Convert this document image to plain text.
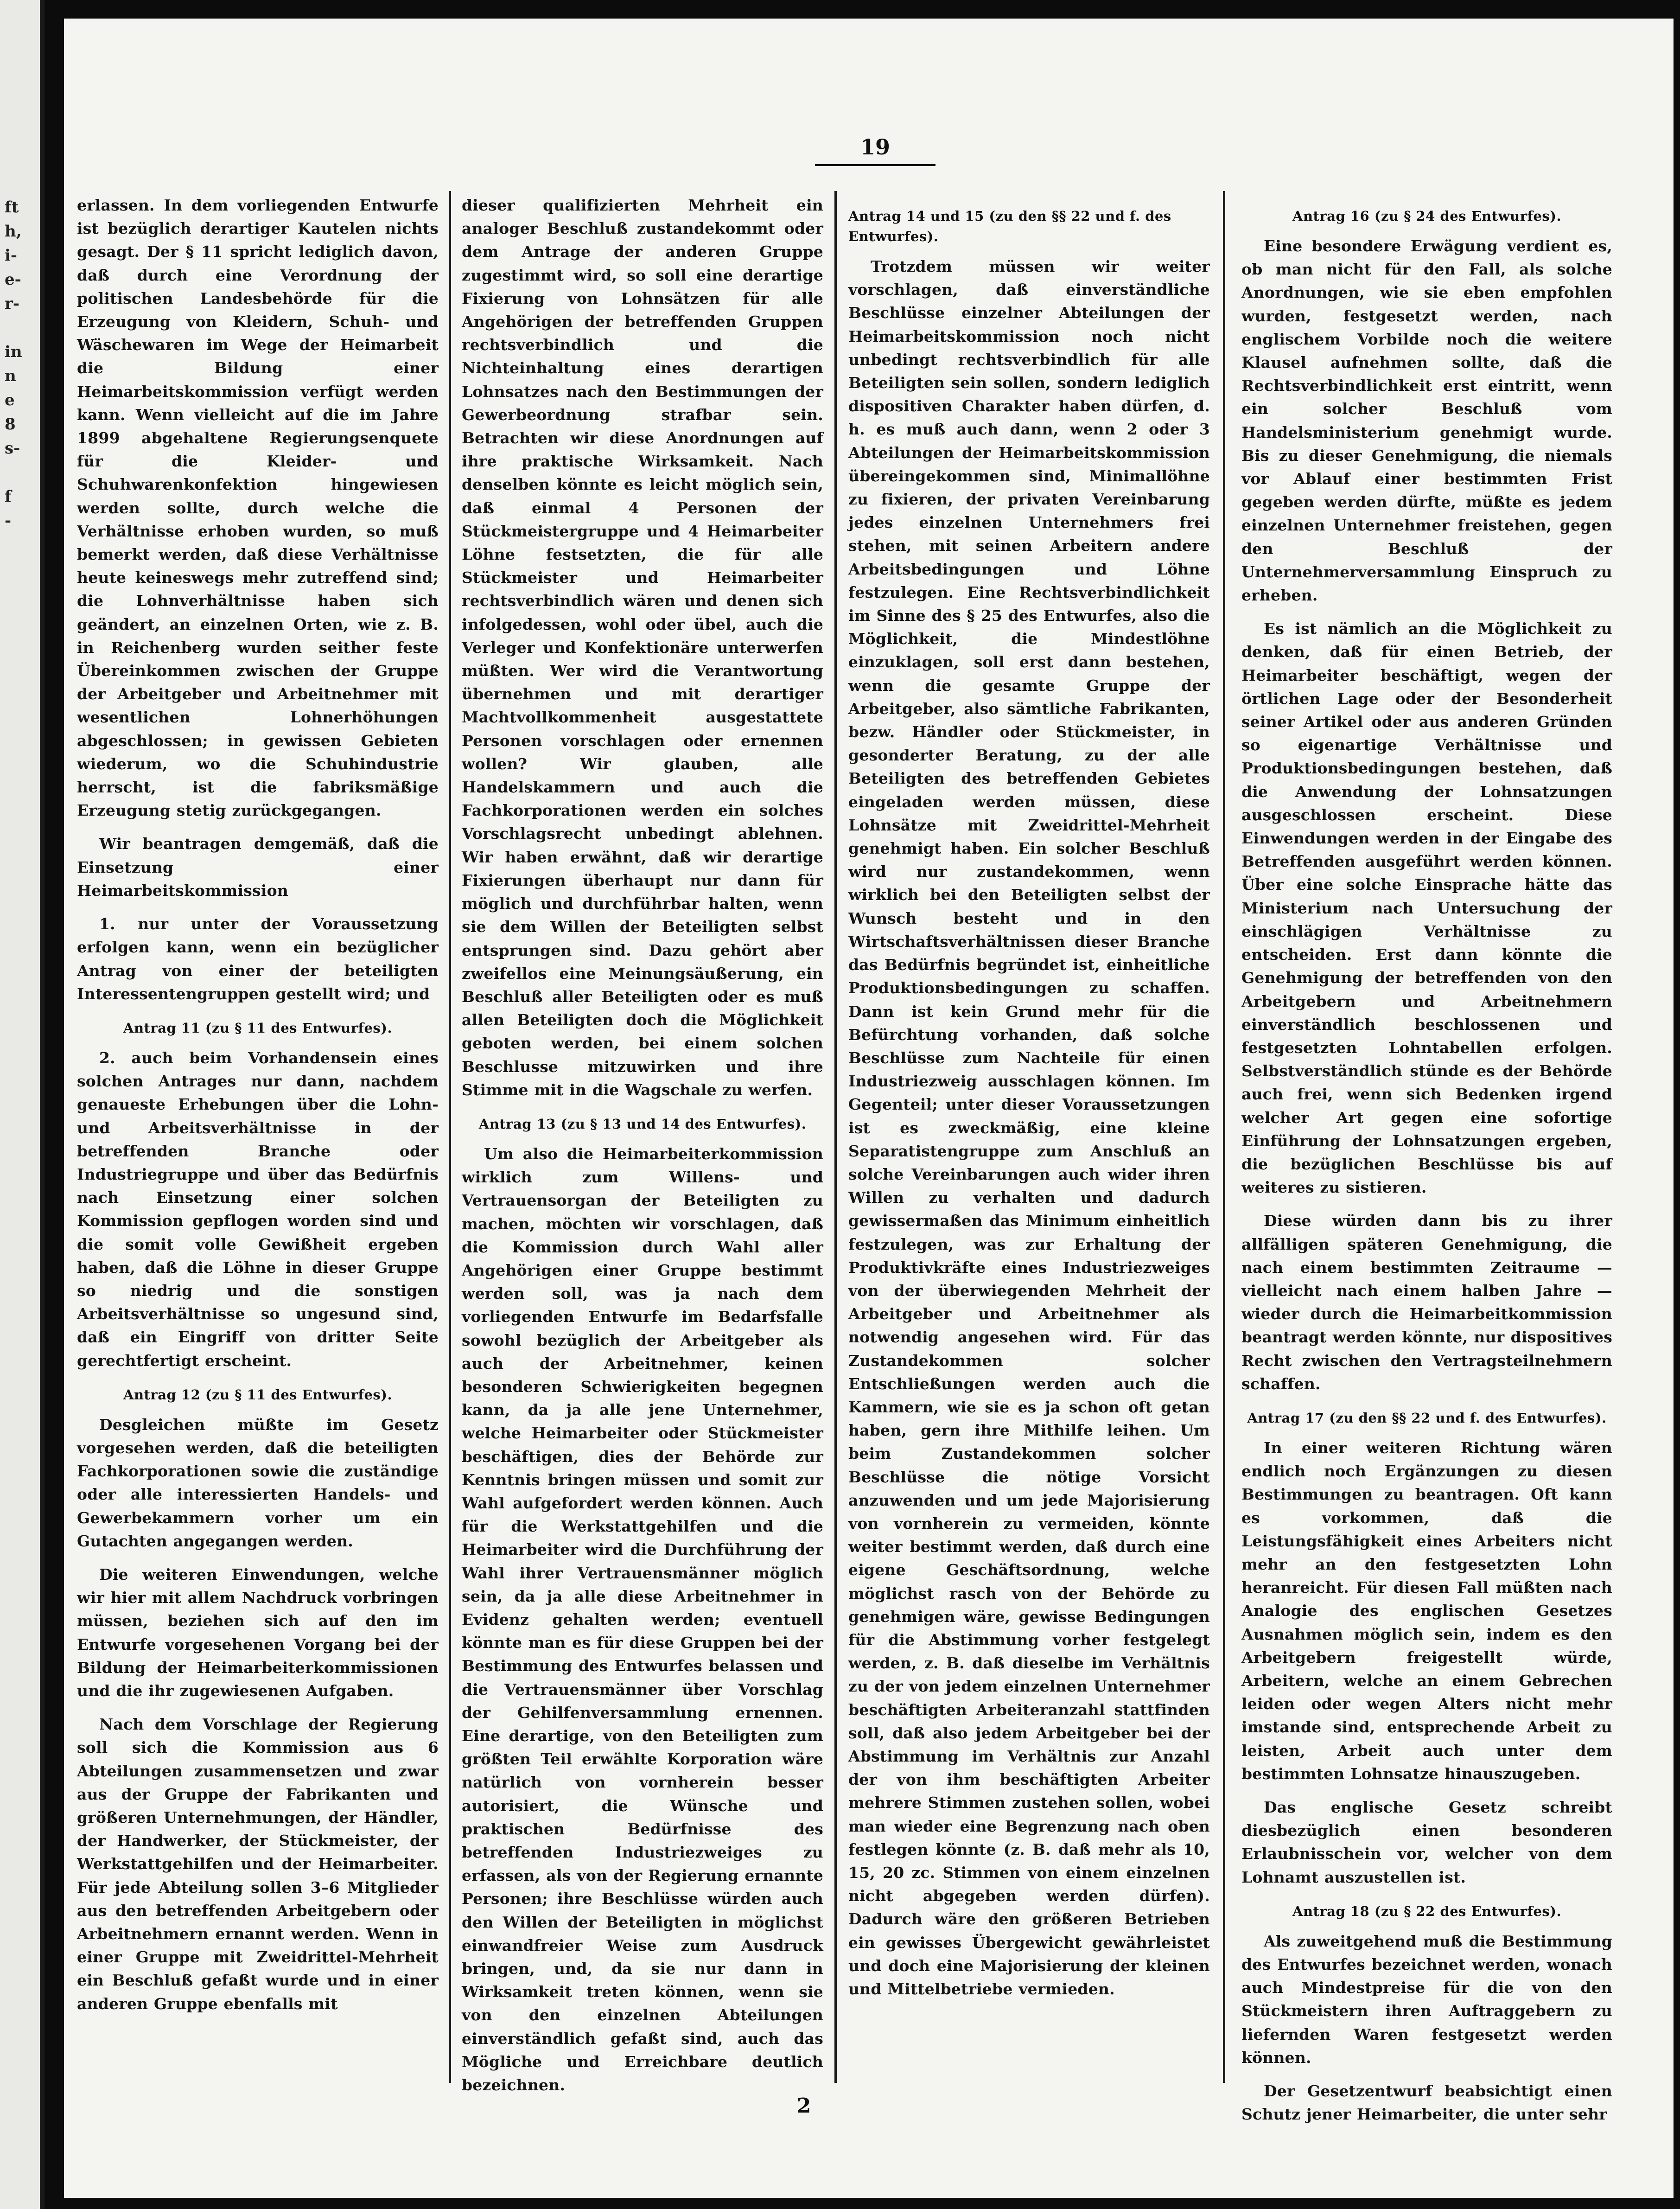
ft
h,
i-
e-
r-
in
n
e
8
s-
f
-
19
erlassen. In dem vorliegenden Entwurfe ist bezüglich derartiger Kautelen nichts gesagt. Der § 11 spricht lediglich davon, daß durch eine Verordnung der politischen Landesbehörde für die Erzeugung von Kleidern, Schuh- und Wäschewaren im Wege der Heimarbeit die Bildung einer Heimarbeitskommission verfügt werden kann. Wenn vielleicht auf die im Jahre 1899 abgehaltene Regierungsenquete für die Kleider- und Schuhwarenkonfektion hingewiesen werden sollte, durch welche die Verhältnisse erhoben wurden, so muß bemerkt werden, daß diese Verhältnisse heute keineswegs mehr zutreffend sind; die Lohnverhältnisse haben sich geändert, an einzelnen Orten, wie z. B. in Reichenberg wurden seither feste Übereinkommen zwischen der Gruppe der Arbeitgeber und Arbeitnehmer mit wesentlichen Lohnerhöhungen abgeschlossen; in gewissen Gebieten wiederum, wo die Schuhindustrie herrscht, ist die fabriksmäßige Erzeugung stetig zurückgegangen.
Wir beantragen demgemäß, daß die Einsetzung einer Heimarbeitskommission
1. nur unter der Voraussetzung erfolgen kann, wenn ein bezüglicher Antrag von einer der beteiligten Interessentengruppen gestellt wird; und
Antrag 11 (zu § 11 des Entwurfes).
2. auch beim Vorhandensein eines solchen Antrages nur dann, nachdem genaueste Erhebungen über die Lohn- und Arbeitsverhältnisse in der betreffenden Branche oder Industriegruppe und über das Bedürfnis nach Einsetzung einer solchen Kommission gepflogen worden sind und die somit volle Gewißheit ergeben haben, daß die Löhne in dieser Gruppe so niedrig und die sonstigen Arbeitsverhältnisse so ungesund sind, daß ein Eingriff von dritter Seite gerechtfertigt erscheint.
Antrag 12 (zu § 11 des Entwurfes).
Desgleichen müßte im Gesetz vorgesehen werden, daß die beteiligten Fachkorporationen sowie die zuständige oder alle interessierten Handels- und Gewerbekammern vorher um ein Gutachten angegangen werden.
Die weiteren Einwendungen, welche wir hier mit allem Nachdruck vorbringen müssen, beziehen sich auf den im Entwurfe vorgesehenen Vorgang bei der Bildung der Heimarbeiterkommissionen und die ihr zugewiesenen Aufgaben.
Nach dem Vorschlage der Regierung soll sich die Kommission aus 6 Abteilungen zusammensetzen und zwar aus der Gruppe der Fabrikanten und größeren Unternehmungen, der Händler, der Handwerker, der Stückmeister, der Werkstattgehilfen und der Heimarbeiter. Für jede Abteilung sollen 3–6 Mitglieder aus den betreffenden Arbeitgebern oder Arbeitnehmern ernannt werden. Wenn in einer Gruppe mit Zweidrittel-Mehrheit ein Beschluß gefaßt wurde und in einer anderen Gruppe ebenfalls mit
dieser qualifizierten Mehrheit ein analoger Beschluß zustandekommt oder dem Antrage der anderen Gruppe zugestimmt wird, so soll eine derartige Fixierung von Lohnsätzen für alle Angehörigen der betreffenden Gruppen rechtsverbindlich und die Nichteinhaltung eines derartigen Lohnsatzes nach den Bestimmungen der Gewerbeordnung strafbar sein. Betrachten wir diese Anordnungen auf ihre praktische Wirksamkeit. Nach denselben könnte es leicht möglich sein, daß einmal 4 Personen der Stückmeistergruppe und 4 Heimarbeiter Löhne festsetzten, die für alle Stückmeister und Heimarbeiter rechtsverbindlich wären und denen sich infolgedessen, wohl oder übel, auch die Verleger und Konfektionäre unterwerfen müßten. Wer wird die Verantwortung übernehmen und mit derartiger Machtvollkommenheit ausgestattete Personen vorschlagen oder ernennen wollen? Wir glauben, alle Handelskammern und auch die Fachkorporationen werden ein solches Vorschlagsrecht unbedingt ablehnen. Wir haben erwähnt, daß wir derartige Fixierungen überhaupt nur dann für möglich und durchführbar halten, wenn sie dem Willen der Beteiligten selbst entsprungen sind. Dazu gehört aber zweifellos eine Meinungsäußerung, ein Beschluß aller Beteiligten oder es muß allen Beteiligten doch die Möglichkeit geboten werden, bei einem solchen Beschlusse mitzuwirken und ihre Stimme mit in die Wagschale zu werfen.
Antrag 13 (zu § 13 und 14 des Entwurfes).
Um also die Heimarbeiterkommission wirklich zum Willens- und Vertrauensorgan der Beteiligten zu machen, möchten wir vorschlagen, daß die Kommission durch Wahl aller Angehörigen einer Gruppe bestimmt werden soll, was ja nach dem vorliegenden Entwurfe im Bedarfsfalle sowohl bezüglich der Arbeitgeber als auch der Arbeitnehmer, keinen besonderen Schwierigkeiten begegnen kann, da ja alle jene Unternehmer, welche Heimarbeiter oder Stückmeister beschäftigen, dies der Behörde zur Kenntnis bringen müssen und somit zur Wahl aufgefordert werden können. Auch für die Werkstattgehilfen und die Heimarbeiter wird die Durchführung der Wahl ihrer Vertrauensmänner möglich sein, da ja alle diese Arbeitnehmer in Evidenz gehalten werden; eventuell könnte man es für diese Gruppen bei der Bestimmung des Entwurfes belassen und die Vertrauensmänner über Vorschlag der Gehilfenversammlung ernennen. Eine derartige, von den Beteiligten zum größten Teil erwählte Korporation wäre natürlich von vornherein besser autorisiert, die Wünsche und praktischen Bedürfnisse des betreffenden Industriezweiges zu erfassen, als von der Regierung ernannte Personen; ihre Beschlüsse würden auch den Willen der Beteiligten in möglichst einwandfreier Weise zum Ausdruck bringen, und, da sie nur dann in Wirksamkeit treten können, wenn sie von den einzelnen Abteilungen einverständlich gefaßt sind, auch das Mögliche und Erreichbare deutlich bezeichnen.
Antrag 14 und 15 (zu den §§ 22 und f. des Entwurfes).
Trotzdem müssen wir weiter vorschlagen, daß einverständliche Beschlüsse einzelner Abteilungen der Heimarbeitskommission noch nicht unbedingt rechtsverbindlich für alle Beteiligten sein sollen, sondern lediglich dispositiven Charakter haben dürfen, d. h. es muß auch dann, wenn 2 oder 3 Abteilungen der Heimarbeitskommission übereingekommen sind, Minimallöhne zu fixieren, der privaten Vereinbarung jedes einzelnen Unternehmers frei stehen, mit seinen Arbeitern andere Arbeitsbedingungen und Löhne festzulegen. Eine Rechtsverbindlichkeit im Sinne des § 25 des Entwurfes, also die Möglichkeit, die Mindestlöhne einzuklagen, soll erst dann bestehen, wenn die gesamte Gruppe der Arbeitgeber, also sämtliche Fabrikanten, bezw. Händler oder Stückmeister, in gesonderter Beratung, zu der alle Beteiligten des betreffenden Gebietes eingeladen werden müssen, diese Lohnsätze mit Zweidrittel-Mehrheit genehmigt haben. Ein solcher Beschluß wird nur zustandekommen, wenn wirklich bei den Beteiligten selbst der Wunsch besteht und in den Wirtschaftsverhältnissen dieser Branche das Bedürfnis begründet ist, einheitliche Produktionsbedingungen zu schaffen. Dann ist kein Grund mehr für die Befürchtung vorhanden, daß solche Beschlüsse zum Nachteile für einen Industriezweig ausschlagen können. Im Gegenteil; unter dieser Voraussetzungen ist es zweckmäßig, eine kleine Separatistengruppe zum Anschluß an solche Vereinbarungen auch wider ihren Willen zu verhalten und dadurch gewissermaßen das Minimum einheitlich festzulegen, was zur Erhaltung der Produktivkräfte eines Industriezweiges von der überwiegenden Mehrheit der Arbeitgeber und Arbeitnehmer als notwendig angesehen wird. Für das Zustandekommen solcher Entschließungen werden auch die Kammern, wie sie es ja schon oft getan haben, gern ihre Mithilfe leihen. Um beim Zustandekommen solcher Beschlüsse die nötige Vorsicht anzuwenden und um jede Majorisierung von vornherein zu vermeiden, könnte weiter bestimmt werden, daß durch eine eigene Geschäftsordnung, welche möglichst rasch von der Behörde zu genehmigen wäre, gewisse Bedingungen für die Abstimmung vorher festgelegt werden, z. B. daß dieselbe im Verhältnis zu der von jedem einzelnen Unternehmer beschäftigten Arbeiteranzahl stattfinden soll, daß also jedem Arbeitgeber bei der Abstimmung im Verhältnis zur Anzahl der von ihm beschäftigten Arbeiter mehrere Stimmen zustehen sollen, wobei man wieder eine Begrenzung nach oben festlegen könnte (z. B. daß mehr als 10, 15, 20 zc. Stimmen von einem einzelnen nicht abgegeben werden dürfen). Dadurch wäre den größeren Betrieben ein gewisses Übergewicht gewährleistet und doch eine Majorisierung der kleinen und Mittelbetriebe vermieden.
Antrag 16 (zu § 24 des Entwurfes).
Eine besondere Erwägung verdient es, ob man nicht für den Fall, als solche Anordnungen, wie sie eben empfohlen wurden, festgesetzt werden, nach englischem Vorbilde noch die weitere Klausel aufnehmen sollte, daß die Rechtsverbindlichkeit erst eintritt, wenn ein solcher Beschluß vom Handelsministerium genehmigt wurde. Bis zu dieser Genehmigung, die niemals vor Ablauf einer bestimmten Frist gegeben werden dürfte, müßte es jedem einzelnen Unternehmer freistehen, gegen den Beschluß der Unternehmerversammlung Einspruch zu erheben.
Es ist nämlich an die Möglichkeit zu denken, daß für einen Betrieb, der Heimarbeiter beschäftigt, wegen der örtlichen Lage oder der Besonderheit seiner Artikel oder aus anderen Gründen so eigenartige Verhältnisse und Produktionsbedingungen bestehen, daß die Anwendung der Lohnsatzungen ausgeschlossen erscheint. Diese Einwendungen werden in der Eingabe des Betreffenden ausgeführt werden können. Über eine solche Einsprache hätte das Ministerium nach Untersuchung der einschlägigen Verhältnisse zu entscheiden. Erst dann könnte die Genehmigung der betreffenden von den Arbeitgebern und Arbeitnehmern einverständlich beschlossenen und festgesetzten Lohntabellen erfolgen. Selbstverständlich stünde es der Behörde auch frei, wenn sich Bedenken irgend welcher Art gegen eine sofortige Einführung der Lohnsatzungen ergeben, die bezüglichen Beschlüsse bis auf weiteres zu sistieren.
Diese würden dann bis zu ihrer allfälligen späteren Genehmigung, die nach einem bestimmten Zeitraume — vielleicht nach einem halben Jahre — wieder durch die Heimarbeitkommission beantragt werden könnte, nur dispositives Recht zwischen den Vertragsteilnehmern schaffen.
Antrag 17 (zu den §§ 22 und f. des Entwurfes).
In einer weiteren Richtung wären endlich noch Ergänzungen zu diesen Bestimmungen zu beantragen. Oft kann es vorkommen, daß die Leistungsfähigkeit eines Arbeiters nicht mehr an den festgesetzten Lohn heranreicht. Für diesen Fall müßten nach Analogie des englischen Gesetzes Ausnahmen möglich sein, indem es den Arbeitgebern freigestellt würde, Arbeitern, welche an einem Gebrechen leiden oder wegen Alters nicht mehr imstande sind, entsprechende Arbeit zu leisten, Arbeit auch unter dem bestimmten Lohnsatze hinauszugeben.
Das englische Gesetz schreibt diesbezüglich einen besonderen Erlaubnisschein vor, welcher von dem Lohnamt auszustellen ist.
Antrag 18 (zu § 22 des Entwurfes).
Als zuweitgehend muß die Bestimmung des Entwurfes bezeichnet werden, wonach auch Mindestpreise für die von den Stückmeistern ihren Auftraggebern zu liefernden Waren festgesetzt werden können.
Der Gesetzentwurf beabsichtigt einen Schutz jener Heimarbeiter, die unter sehr
2
